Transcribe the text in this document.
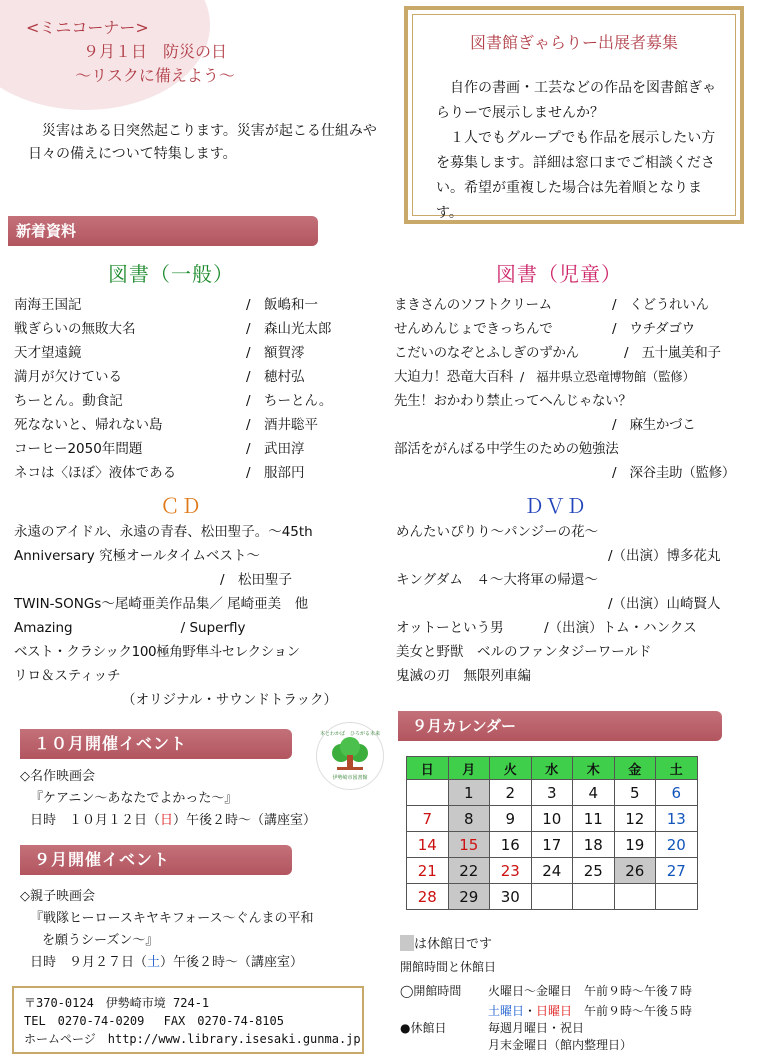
<ミニコーナー>
９月１日　防災の日
～リスクに備えよう～
災害はある日突然起こります。災害が起こる仕組みや日々の備えについて特集します。
図書館ぎゃらりー出展者募集
自作の書画・工芸などの作品を図書館ぎゃらりーで展示しませんか？
１人でもグループでも作品を展示したい方を募集します。詳細は窓口までご相談ください。希望が重複した場合は先着順となります。
新着資料
図書（一般）
南海王国記	/　飯嶋和一
戦ぎらいの無敗大名	/　森山光太郎
天才望遠鏡	/　額賀澪
満月が欠けている	/　穂村弘
ちーとん。動食記	/　ちーとん。
死なないと、帰れない島	/　酒井聡平
コーヒー2050年問題	/　武田淳
ネコは〈ほぼ〉液体である	/　服部円
図書（児童）
まきさんのソフトクリーム	/　くどうれいん
せんめんじょできっちんで	/　ウチダゴウ
こだいのなぞとふしぎのずかん	/　五十嵐美和子
大迫力！恐竜大百科 /　福井県立恐竜博物館（監修）
先生！おかわり禁止ってへんじゃない？
/　麻生かづこ
部活をがんばる中学生のための勉強法
/　深谷圭助（監修）
ＣＤ
永遠のアイドル、永遠の青春、松田聖子。～45th
Anniversary 究極オールタイムベスト～
/　松田聖子
TWIN-SONGs～尾崎亜美作品集／ 尾崎亜美　他
Amazing　　　　　　　　/ Superfly
ベスト・クラシック100極角野隼斗セレクション
リロ＆スティッチ
（オリジナル・サウンドトラック）
ＤＶＤ
めんたいぴりり～パンジーの花～
/（出演）博多花丸
キングダム　４～大将軍の帰還～
/（出演）山崎賢人
オットーという男　　　/（出演）トム・ハンクス
美女と野獣　ベルのファンタジーワールド
鬼滅の刃　無限列車編
１０月開催イベント
◇名作映画会
『ケアニン～あなたでよかった～』
日時　１０月１２日（日）午後２時～（講座室）
本とわかば　ひろがる未来
伊勢崎市図書館
９月開催イベント
◇親子映画会
『戦隊ヒーロースキヤキフォース～ぐんまの平和
を願うシーズン～』
日時　９月２７日（土）午後２時～（講座室）
〒370-0124　伊勢崎市境 724-1
TEL　0270-74-0209　 FAX　0270-74-8105
ホームページ　http://www.library.isesaki.gunma.jp
９月カレンダー
日	月	火	水	木	金	土
	1	2	3	4	5	6
7	8	9	10	11	12	13
14	15	16	17	18	19	20
21	22	23	24	25	26	27
28	29	30				
は休館日です
開館時間と休館日
◯開館時間 火曜日～金曜日　午前９時～午後７時
土曜日・日曜日　午前９時～午後５時
●休館日	毎週月曜日・祝日
月末金曜日（館内整理日）
